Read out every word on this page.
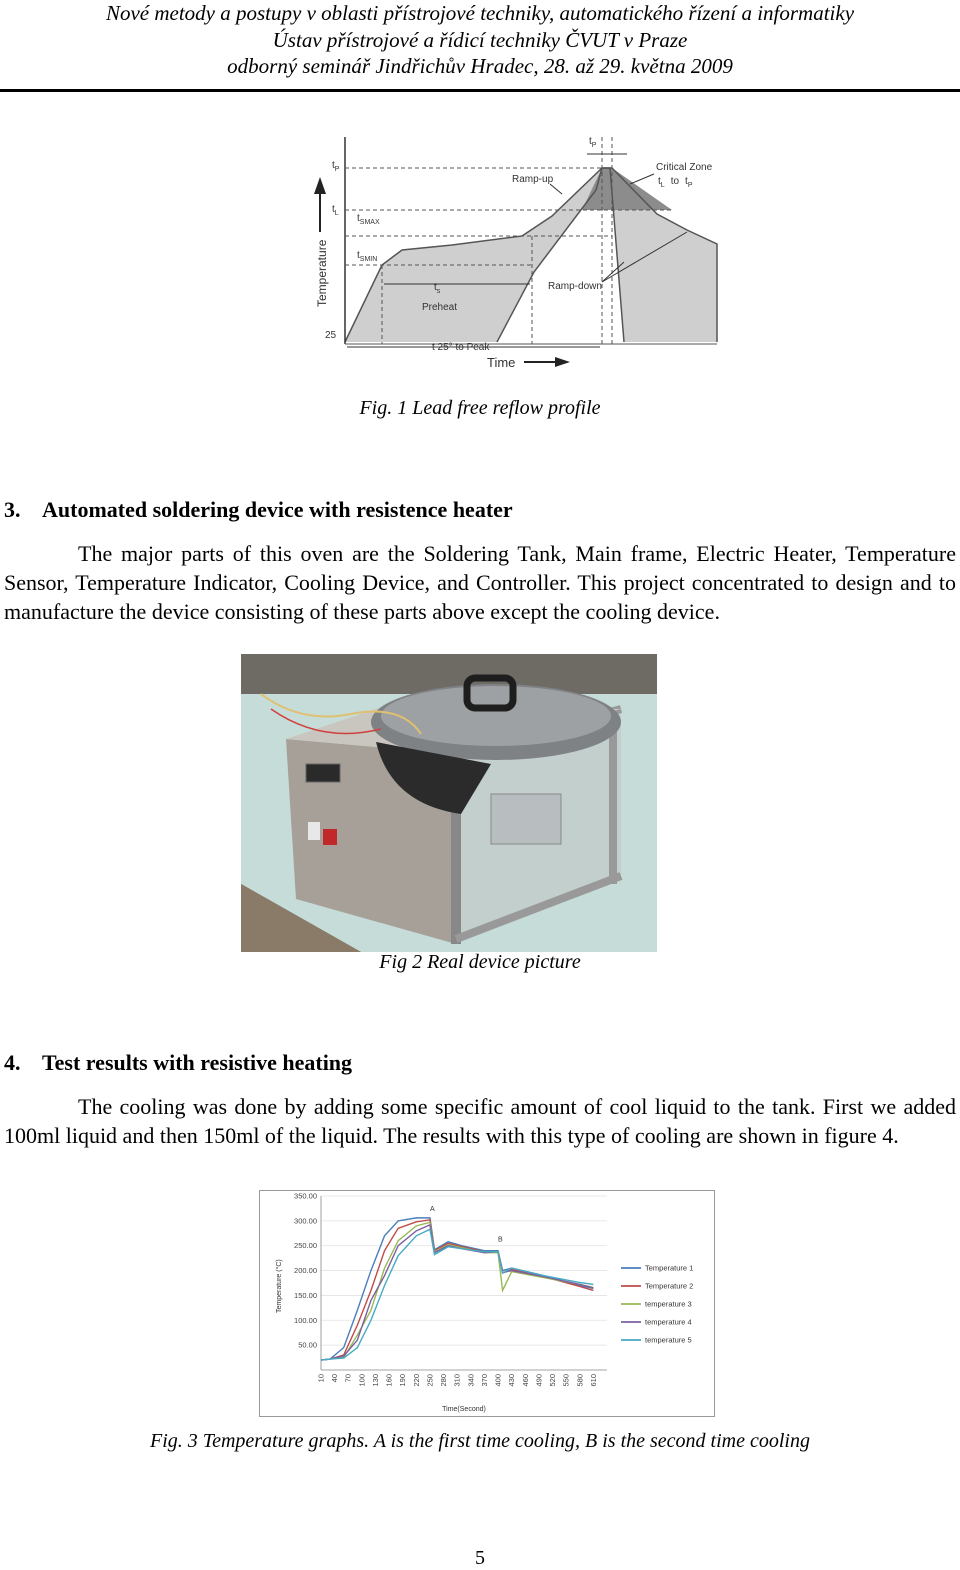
Nové metody a postupy v oblasti přístrojové techniky, automatického řízení a informatiky
Ústav přístrojové a řídicí techniky ČVUT v Praze
odborný seminář Jindřichův Hradec, 28. až 29. května 2009
Temperature
$t_P$
$t_L$ $t_{SMAX}$
$t_{SMIN}$
25
$t_P$
Ramp-up
Critical Zone
$t_L$ to $t_P$
Ramp-down
$t_s$
Preheat
t 25° to Peak
Time
Fig. 1 Lead free reflow profile
3. Automated soldering device with resistence heater
The major parts of this oven are the Soldering Tank, Main frame, Electric Heater, Temperature Sensor, Temperature Indicator, Cooling Device, and Controller. This project concentrated to design and to manufacture the device consisting of these parts above except the cooling device.
Fig 2 Real device picture
4. Test results with resistive heating
The cooling was done by adding some specific amount of cool liquid to the tank. First we added 100ml liquid and then 150ml of the liquid. The results with this type of cooling are shown in figure 4.
50.00
100.00
150.00
200.00
250.00
300.00
350.00
10 40 70 100 130 160 190 220 250 280 310 340 370 400 430 460 490 520 550 580 610
A
B
Temperature 1
Temperature 2
temperature 3
temperature 4
temperature 5
Temperature (°C)
Time(Second)
Fig. 3 Temperature graphs. A is the first time cooling, B is the second time cooling
5
